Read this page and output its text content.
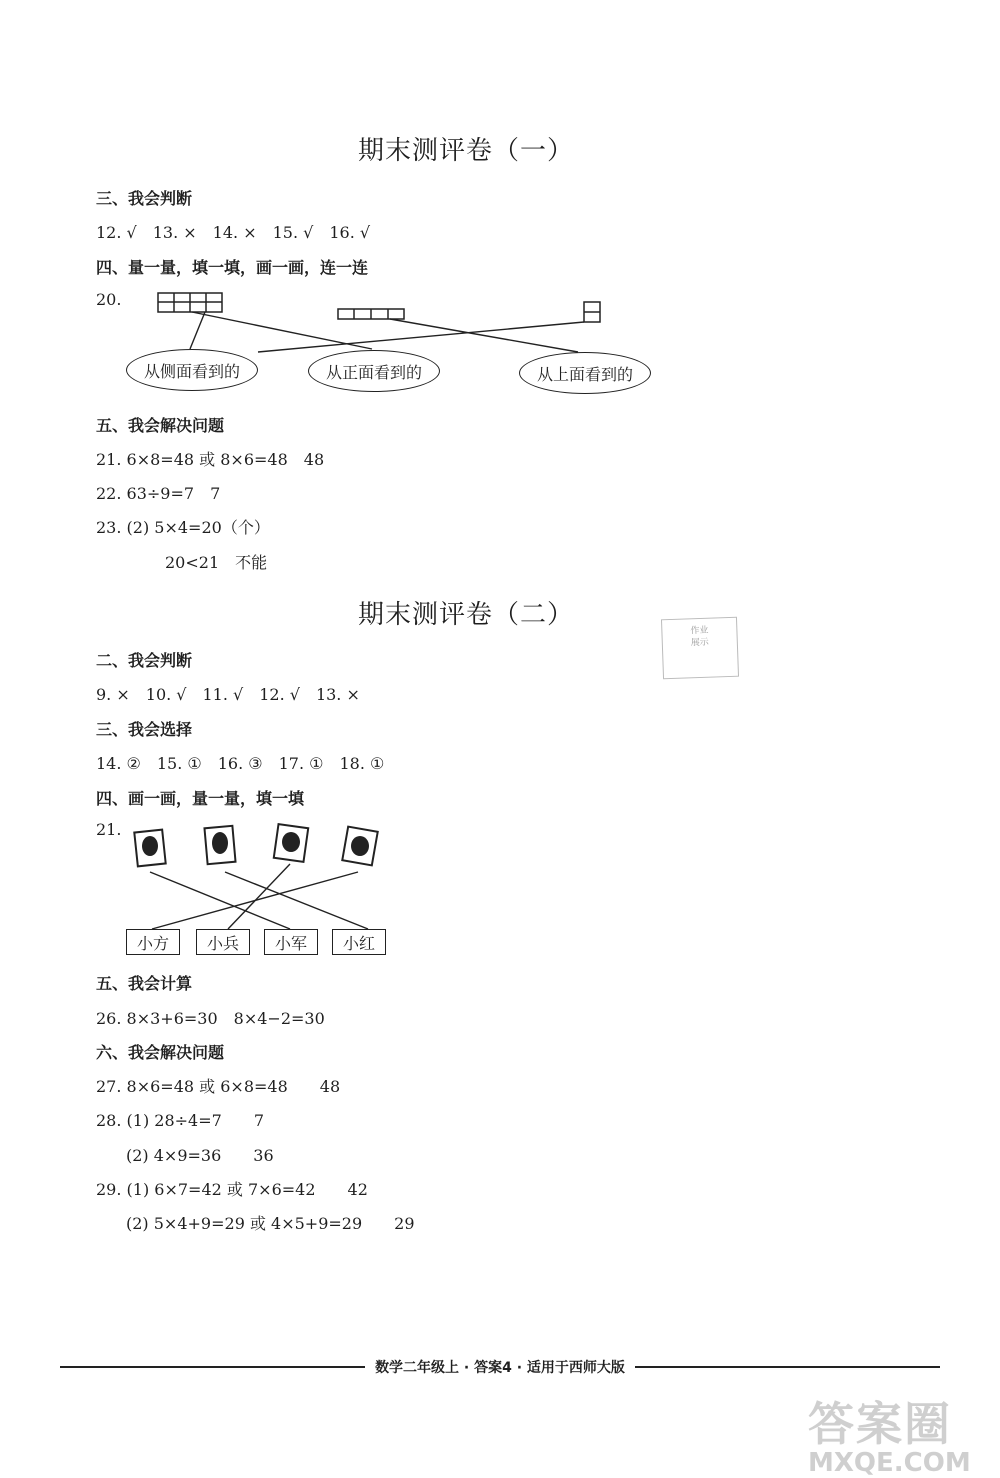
期末测评卷（一）
三、我会判断
12. √　13. ×　14. ×　15. √　16. √
四、量一量，填一填，画一画，连一连
20.
从侧面看到的	从正面看到的	从上面看到的
五、我会解决问题
21. 6×8=48 或 8×6=48　48
22. 63÷9=7　7
23. (2) 5×4=20（个）
20<21　不能
期末测评卷（二）
作业
展示
二、我会判断
9. ×　10. √　11. √　12. √　13. ×
三、我会选择
14. ②　15. ①　16. ③　17. ①　18. ①
四、画一画，量一量，填一填
21.
小方	小兵	小军	小红
五、我会计算
26. 8×3+6=30　8×4−2=30
六、我会解决问题
27. 8×6=48 或 6×8=48　　48
28. (1) 28÷4=7　　7
(2) 4×9=36　　36
29. (1) 6×7=42 或 7×6=42　　42
(2) 5×4+9=29 或 4×5+9=29　　29
数学二年级上 · 答案4 · 适用于西师大版
答案圈
MXQE.COM
